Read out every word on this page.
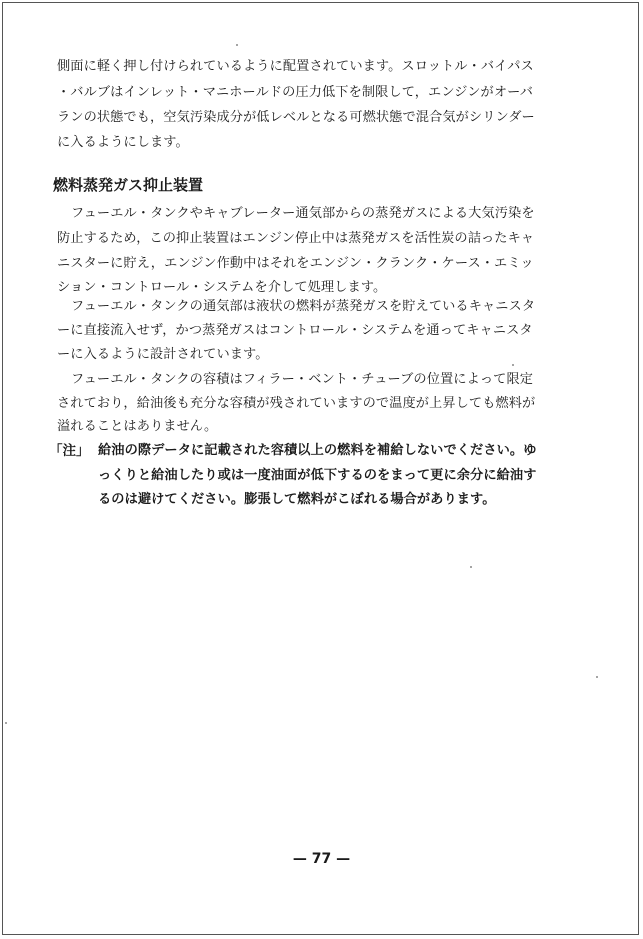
側面に軽く押し付けられているように配置されています。スロットル・バイパス
・バルブはインレット・マニホールドの圧力低下を制限して，エンジンがオーバ
ランの状態でも，空気汚染成分が低レベルとなる可燃状態で混合気がシリンダー
に入るようにします。
燃料蒸発ガス抑止装置
フューエル・タンクやキャブレーター通気部からの蒸発ガスによる大気汚染を
防止するため，この抑止装置はエンジン停止中は蒸発ガスを活性炭の詰ったキャ
ニスターに貯え，エンジン作動中はそれをエンジン・クランク・ケース・エミッ
ション・コントロール・システムを介して処理します。
フューエル・タンクの通気部は液状の燃料が蒸発ガスを貯えているキャニスタ
ーに直接流入せず，かつ蒸発ガスはコントロール・システムを通ってキャニスタ
ーに入るように設計されています。
フューエル・タンクの容積はフィラー・ベント・チューブの位置によって限定
されており，給油後も充分な容積が残されていますので温度が上昇しても燃料が
溢れることはありません。
「注」 給油の際データに記載された容積以上の燃料を補給しないでください。ゆ
っくりと給油したり或は一度油面が低下するのをまって更に余分に給油す
るのは避けてください。膨張して燃料がこぼれる場合があります。
— 77 —
